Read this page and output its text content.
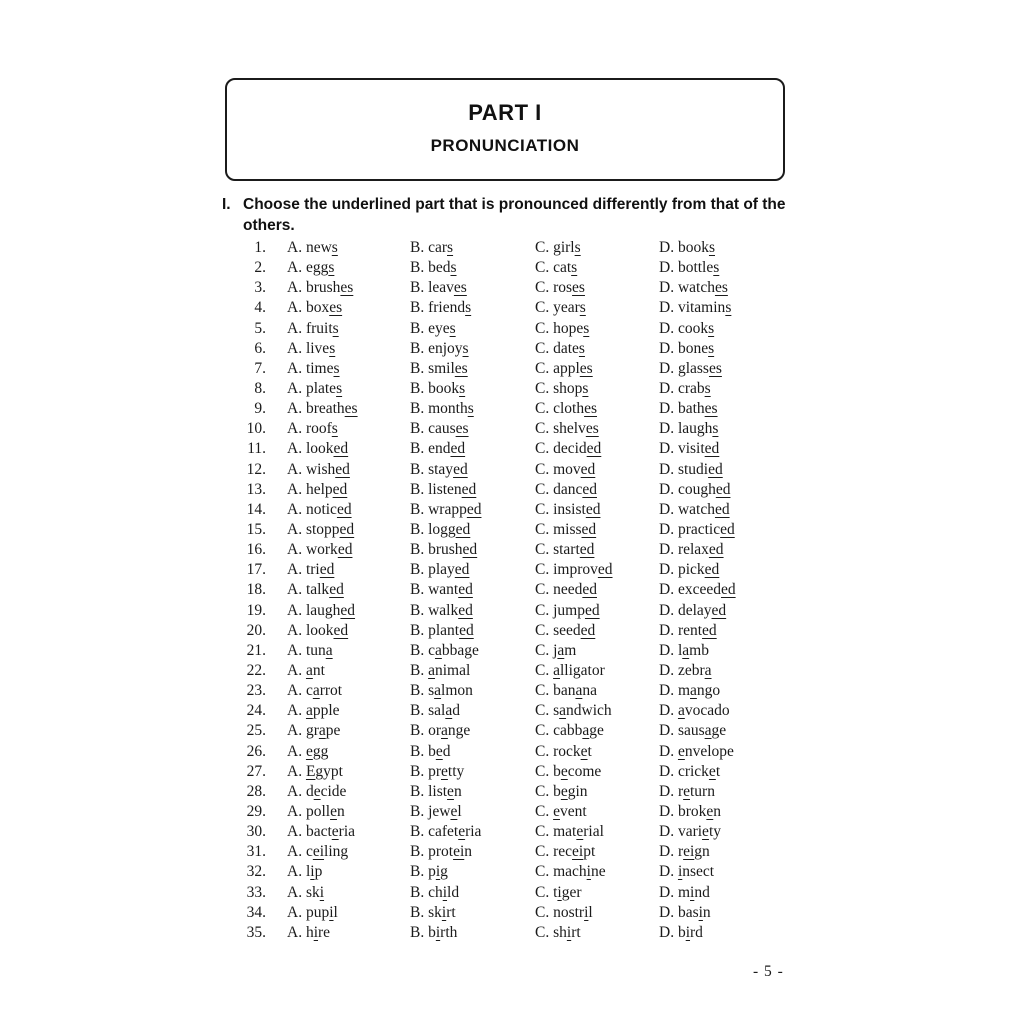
PART I
PRONUNCIATION
I. Choose the underlined part that is pronounced differently from that of the others.
1.	A. news	B. cars	C. girls	D. books
2.	A. eggs	B. beds	C. cats	D. bottles
3.	A. brushes	B. leaves	C. roses	D. watches
4.	A. boxes	B. friends	C. years	D. vitamins
5.	A. fruits	B. eyes	C. hopes	D. cooks
6.	A. lives	B. enjoys	C. dates	D. bones
7.	A. times	B. smiles	C. apples	D. glasses
8.	A. plates	B. books	C. shops	D. crabs
9.	A. breathes	B. months	C. clothes	D. bathes
10.	A. roofs	B. causes	C. shelves	D. laughs
11.	A. looked	B. ended	C. decided	D. visited
12.	A. wished	B. stayed	C. moved	D. studied
13.	A. helped	B. listened	C. danced	D. coughed
14.	A. noticed	B. wrapped	C. insisted	D. watched
15.	A. stopped	B. logged	C. missed	D. practiced
16.	A. worked	B. brushed	C. started	D. relaxed
17.	A. tried	B. played	C. improved	D. picked
18.	A. talked	B. wanted	C. needed	D. exceeded
19.	A. laughed	B. walked	C. jumped	D. delayed
20.	A. looked	B. planted	C. seeded	D. rented
21.	A. tuna	B. cabbage	C. jam	D. lamb
22.	A. ant	B. animal	C. alligator	D. zebra
23.	A. carrot	B. salmon	C. banana	D. mango
24.	A. apple	B. salad	C. sandwich	D. avocado
25.	A. grape	B. orange	C. cabbage	D. sausage
26.	A. egg	B. bed	C. rocket	D. envelope
27.	A. Egypt	B. pretty	C. become	D. cricket
28.	A. decide	B. listen	C. begin	D. return
29.	A. pollen	B. jewel	C. event	D. broken
30.	A. bacteria	B. cafeteria	C. material	D. variety
31.	A. ceiling	B. protein	C. receipt	D. reign
32.	A. lip	B. pig	C. machine	D. insect
33.	A. ski	B. child	C. tiger	D. mind
34.	A. pupil	B. skirt	C. nostril	D. basin
35.	A. hire	B. birth	C. shirt	D. bird
- 5 -
